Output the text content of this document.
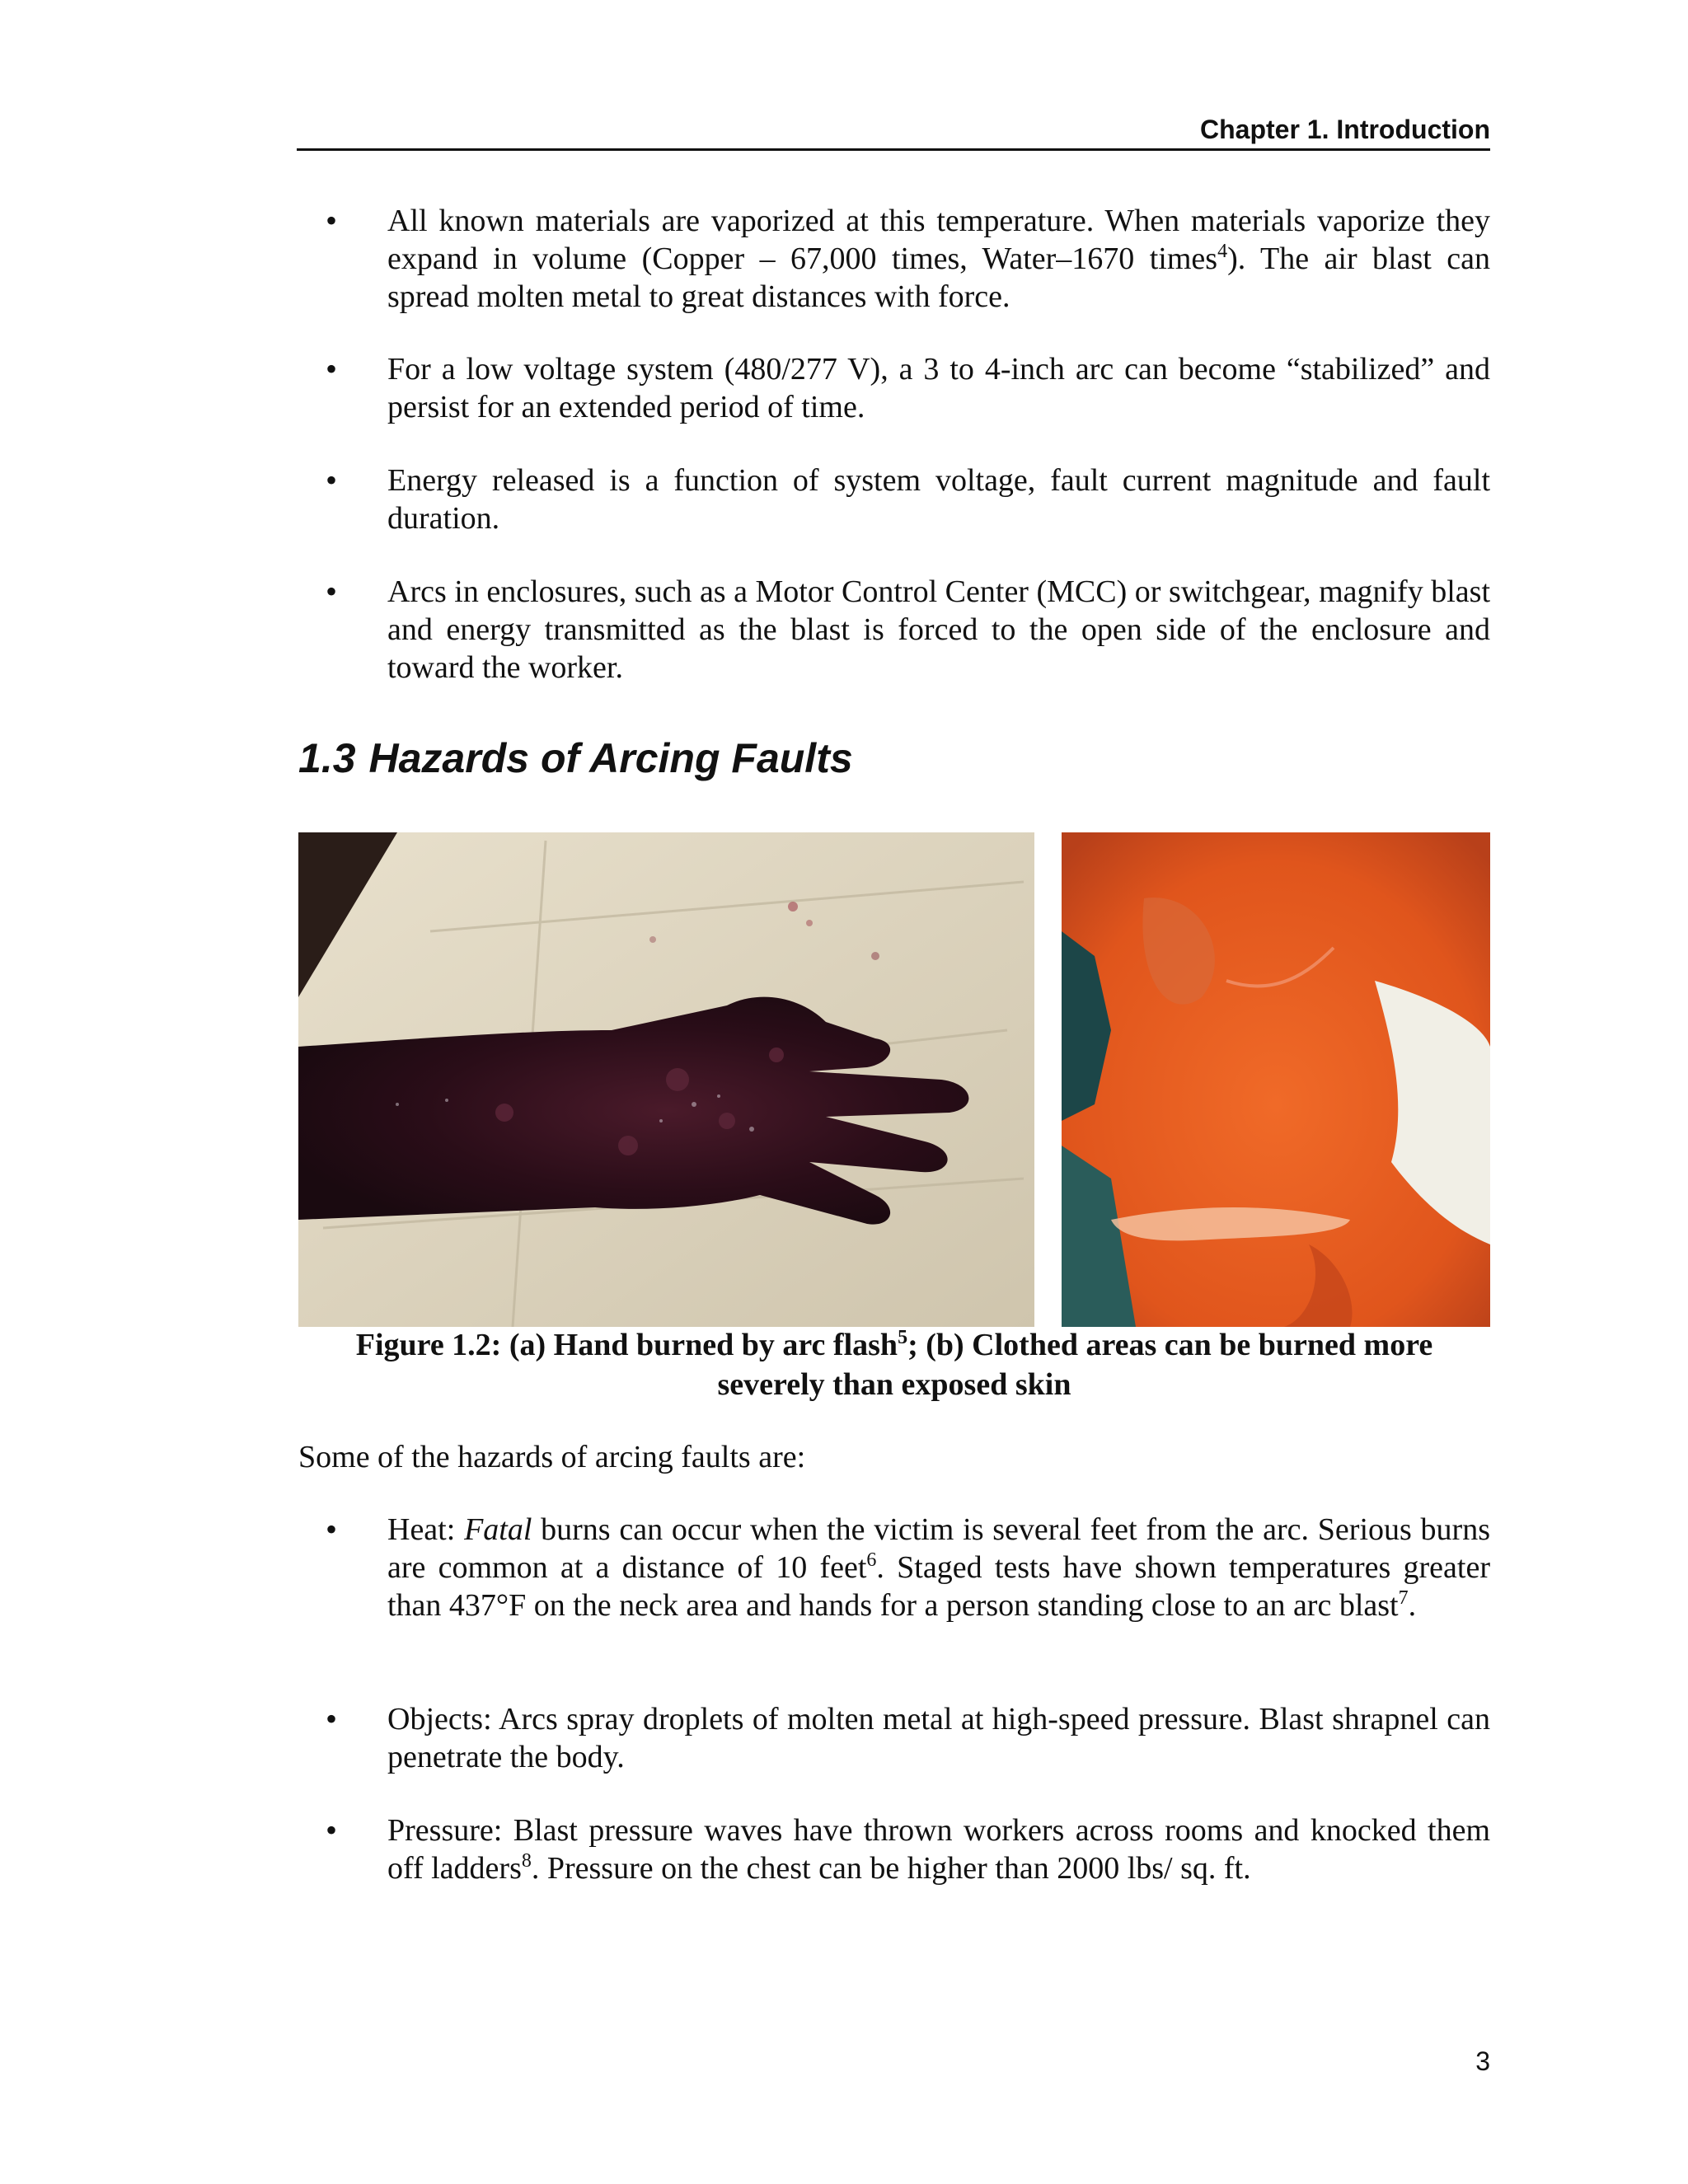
Chapter 1. Introduction
• All known materials are vaporized at this temperature. When materials vaporize they expand in volume (Copper – 67,000 times, Water–1670 times$^4$). The air blast can spread molten metal to great distances with force.
• For a low voltage system (480/277 V), a 3 to 4-inch arc can become “stabilized” and persist for an extended period of time.
• Energy released is a function of system voltage, fault current magnitude and fault duration.
• Arcs in enclosures, such as a Motor Control Center (MCC) or switchgear, magnify blast and energy transmitted as the blast is forced to the open side of the enclosure and toward the worker.
1.3 Hazards of Arcing Faults
Figure 1.2: (a) Hand burned by arc flash$^5$; (b) Clothed areas can be burned more severely than exposed skin
Some of the hazards of arcing faults are:
• Heat: Fatal burns can occur when the victim is several feet from the arc. Serious burns are common at a distance of 10 feet$^6$. Staged tests have shown temperatures greater than 437°F on the neck area and hands for a person standing close to an arc blast$^7$.
• Objects: Arcs spray droplets of molten metal at high-speed pressure. Blast shrapnel can penetrate the body.
• Pressure: Blast pressure waves have thrown workers across rooms and knocked them off ladders$^8$. Pressure on the chest can be higher than 2000 lbs/ sq. ft.
3
